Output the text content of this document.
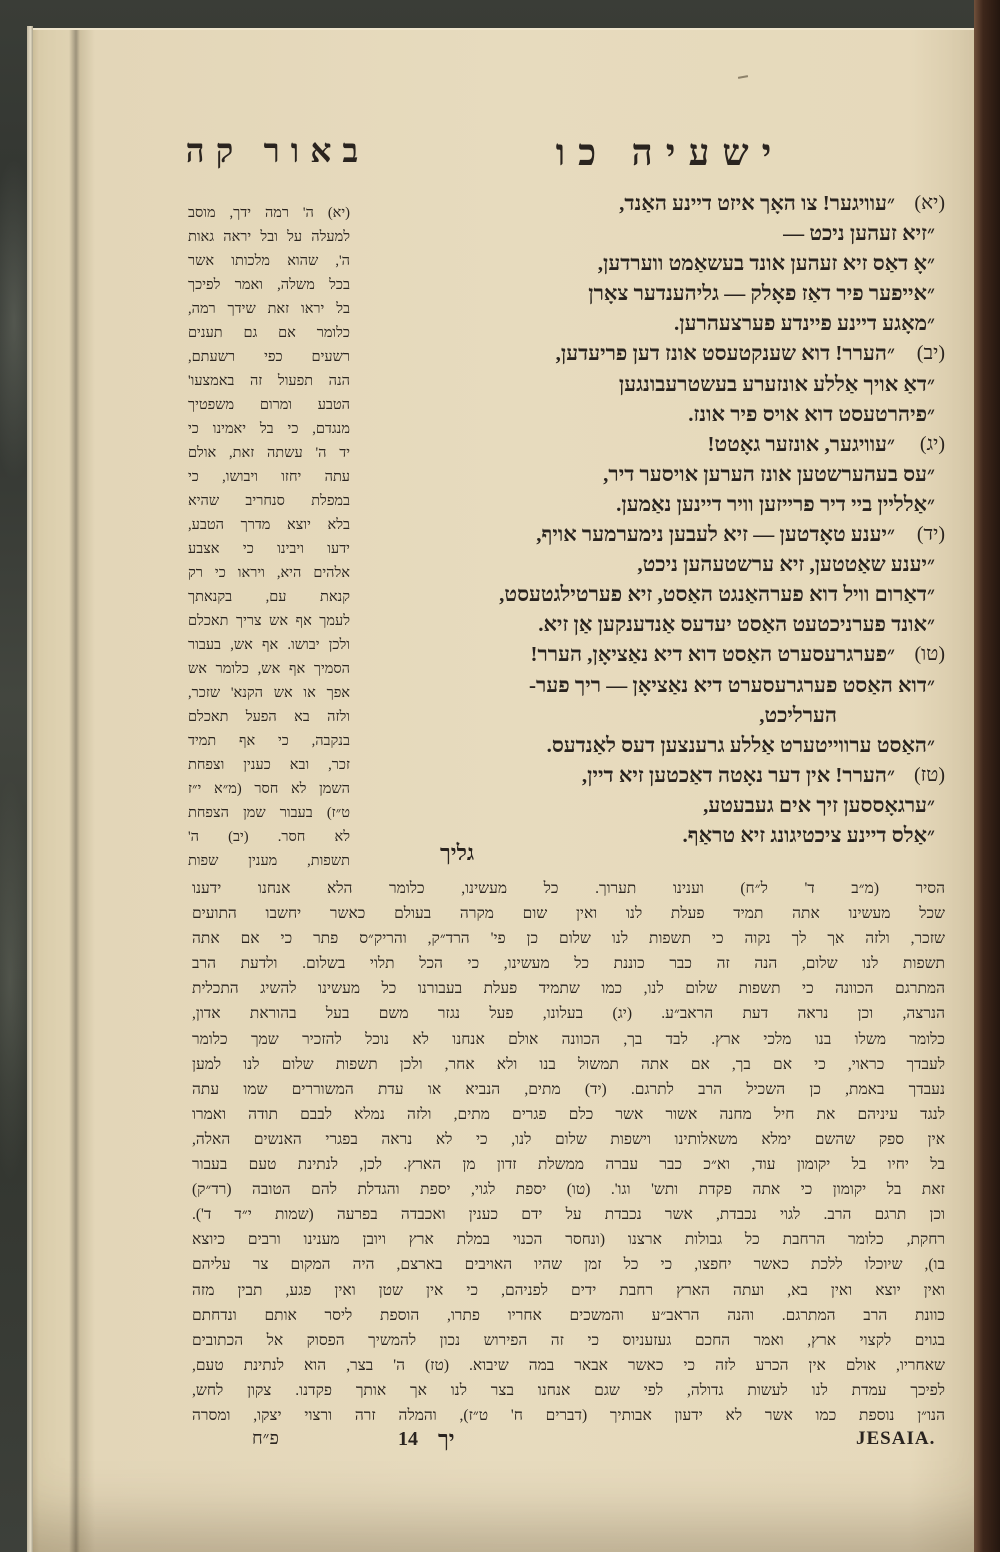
ישעיה כו
באור קה
(יא)
״עוויגער! צו האָך איזט דיינע האַנד,
״זיא זעהען ניכט —
״אָ דאַס זיא זעהען אונד בעשאַמט ווערדען,
״אייפער פיר דאַז פאָלק — גליהענדער צאָרן
״מאָגע דיינע פיינדע פערצעהרען.
(יב)
״הערר! דוא שענקטעסט אונז דען פריעדען,
״דאַ אויך אַללע אונזערע בעשטרעבונגען
״פיהרטעסט דוא אויס פיר אונז.
(יג)
״עוויגער, אונזער גאָטט!
״עס בעהערשטען אונז הערען אויסער דיר,
״אַלליין ביי דיר פרייזען וויר דיינען נאַמען.
(יד)
״יענע טאָדטען — זיא לעבען נימערמער אויף,
״יענע שאַטטען, זיא ערשטעהען ניכט,
״דאַרום וויל דוא פערהאַנגט האַסט, זיא פערטילגטעסט,
״אונד פערניכטעט האַסט יעדעס אַנדענקען אַן זיא.
(טו)
״פערגרעסערט האַסט דוא דיא נאַציאָן, הערר!
״דוא האַסט פערגרעסערט דיא נאַציאָן — ריך פער-
הערליכט,
״האַסט ערווייטערט אַללע גרענצען דעס לאַנדעס.
(טז)
״הערר! אין דער נאָטה דאַכטען זיא דיין,
״ערגאָססען זיך אים געבעטע,
״אַלס דיינע ציכטיגונג זיא טראַף.
גליך
(יא) ה' רמה ידך, מוסב
למעלה על ובל יראה גאות
ה', שהוא מלכותו אשר
בכל משלה, ואמר לפיכך
בל יראו זאת שידך רמה,
כלומר אם גם תענים
רשעים כפי רשעתם,
הנה תפעול זה באמצעו'
הטבע ומרום משפטיך
מנגדם, כי בל יאמינו כי
יד ה' עשתה זאת, אולם
עתה יחזו ויבושו, כי
במפלת סנחריב שהיא
בלא יוצא מדרך הטבע,
ידעו ויבינו כי אצבע
אלהים היא, ויראו כי רק
קנאת עם, בקנאתך
לעמך אף אש צריך תאכלם
ולכן יבושו. אף אש, בעבור
הסמיך אף אש, כלומר אש
אפך או אש הקנא' שזכר,
ולזה בא הפעל תאכלם
בנקבה, כי אף תמיד
זכר, ובא כענין וצפחת
השמן לא חסר (מ״א י״ז
ט״ז) בעבור שמן הצפחת
לא חסר. (יב) ה'
תשפות, מענין שפות
הסיר (מ״ב ד' ל״ח) וענינו תערוך. כל מעשינו, כלומר הלא אנחנו ידענו
שכל מעשינו אתה תמיד פעלת לנו ואין שום מקרה בעולם כאשר יחשבו התועים
שזכר, ולזה אך לך נקוה כי תשפות לנו שלום כן פי' הרד״ק, והריק״ס פתר כי אם אתה
תשפות לנו שלום, הנה זה כבר כוננת כל מעשינו, כי הכל תלוי בשלום. ולדעת הרב
המתרגם הכוונה כי תשפות שלום לנו, כמו שתמיד פעלת בעבורנו כל מעשינו להשיג התכלית
הנרצה, וכן נראה דעת הראב״ע. (יג) בעלונו, פעל נגזר משם בעל בהוראת אדון,
כלומר משלו בנו מלכי ארץ. לבד בך, הכוונה אולם אנחנו לא נוכל להזכיר שמך כלומר
לעבדך כראוי, כי אם בך, אם אתה תמשול בנו ולא אחר, ולכן תשפות שלום לנו למען
נעבדך באמת, כן השכיל הרב לתרגם. (יד) מתים, הנביא או עדת המשוררים שמו עתה
לנגד עיניהם את חיל מחנה אשור אשר כלם פגרים מתים, ולזה נמלא לבבם תודה ואמרו
אין ספק שהשם ימלא משאלותינו וישפות שלום לנו, כי לא נראה בפגרי האנשים האלה,
בל יחיו בל יקומון עוד, וא״כ כבר עברה ממשלת זדון מן הארץ. לכן, לנתינת טעם בעבור
זאת בל יקומון כי אתה פקדת ותש' וגו'. (טו) יספת לגוי, יספת והגדלת להם הטובה (רד״ק)
וכן תרגם הרב. לגוי נכבדת, אשר נכבדת על ידם כענין ואכבדה בפרעה (שמות י״ד ד').
רחקת, כלומר הרחבת כל גבולות ארצנו (ונחסר הכנוי במלת ארץ ויובן מענינו ורבים כיוצא
בו), שיוכלו ללכת כאשר יחפצו, כי כל זמן שהיו האויבים בארצם, היה המקום צר עליהם
ואין יוצא ואין בא, ועתה הארץ רחבת ידים לפניהם, כי אין שטן ואין פגע, תבין מזה
כוונת הרב המתרגם. והנה הראב״ע והמשכים אחריו פתרו, הוספת ליסר אותם ונדחתם
בגוים לקצוי ארץ, ואמר החכם געזעניוס כי זה הפירוש נכון להמשיך הפסוק אל הכתובים
שאחריו, אולם אין הכרע לזה כי כאשר אבאר במה שיבוא. (טז) ה' בצר, הוא לנתינת טעם,
לפיכך עמדת לנו לעשות גדולה, לפי שגם אנחנו בצר לנו אך אותך פקדנו. צקון לחש,
הנו״ן נוספת כמו אשר לא ידעון אבותיך (דברים ח' ט״ז), והמלה זרה ורצוי יצקו, ומסרה
פ״ח	14 יך	JESAIA.
